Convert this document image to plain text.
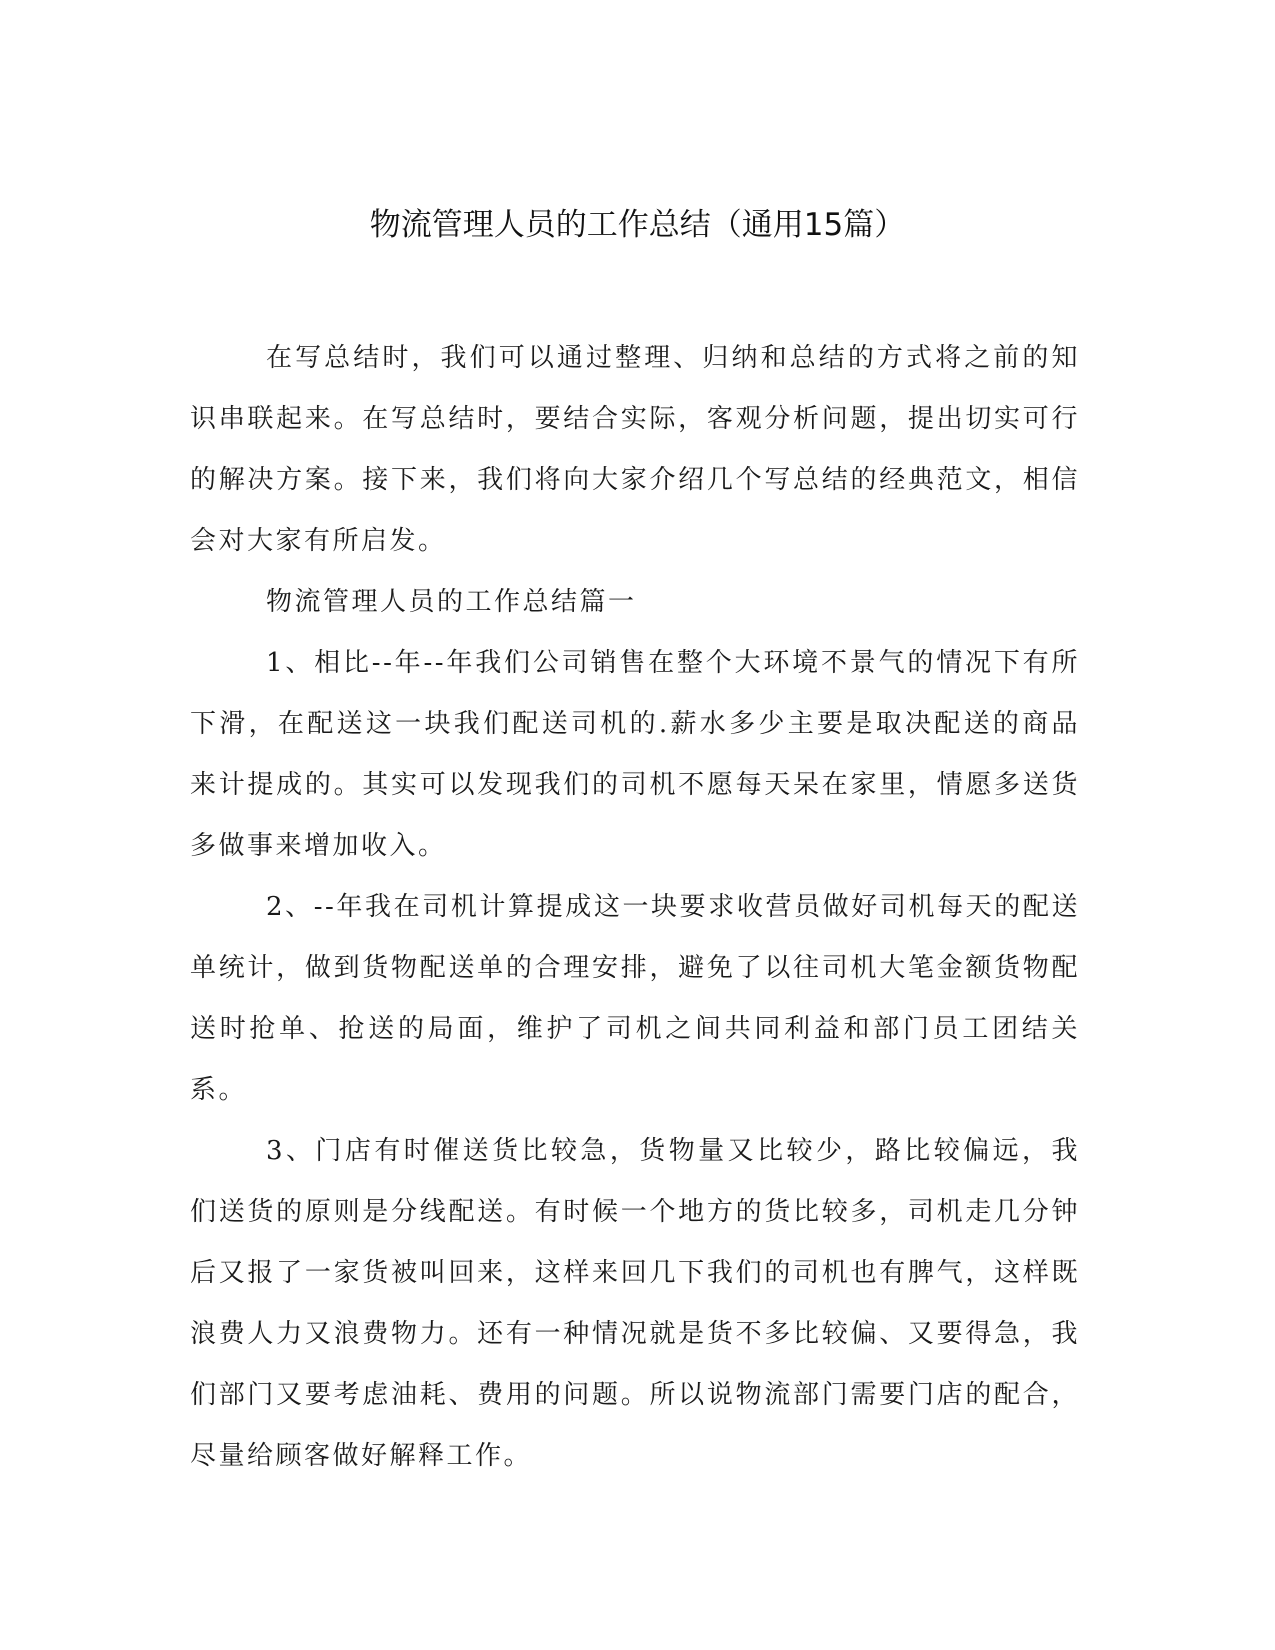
物流管理人员的工作总结（通用15篇）

在写总结时，我们可以通过整理、归纳和总结的方式将之前的知识串联起来。在写总结时，要结合实际，客观分析问题，提出切实可行的解决方案。接下来，我们将向大家介绍几个写总结的经典范文，相信会对大家有所启发。

物流管理人员的工作总结篇一

1、相比--年--年我们公司销售在整个大环境不景气的情况下有所下滑，在配送这一块我们配送司机的.薪水多少主要是取决配送的商品来计提成的。其实可以发现我们的司机不愿每天呆在家里，情愿多送货多做事来增加收入。

2、--年我在司机计算提成这一块要求收营员做好司机每天的配送单统计，做到货物配送单的合理安排，避免了以往司机大笔金额货物配送时抢单、抢送的局面，维护了司机之间共同利益和部门员工团结关系。

3、门店有时催送货比较急，货物量又比较少，路比较偏远，我们送货的原则是分线配送。有时候一个地方的货比较多，司机走几分钟后又报了一家货被叫回来，这样来回几下我们的司机也有脾气，这样既浪费人力又浪费物力。还有一种情况就是货不多比较偏、又要得急，我们部门又要考虑油耗、费用的问题。所以说物流部门需要门店的配合，尽量给顾客做好解释工作。
